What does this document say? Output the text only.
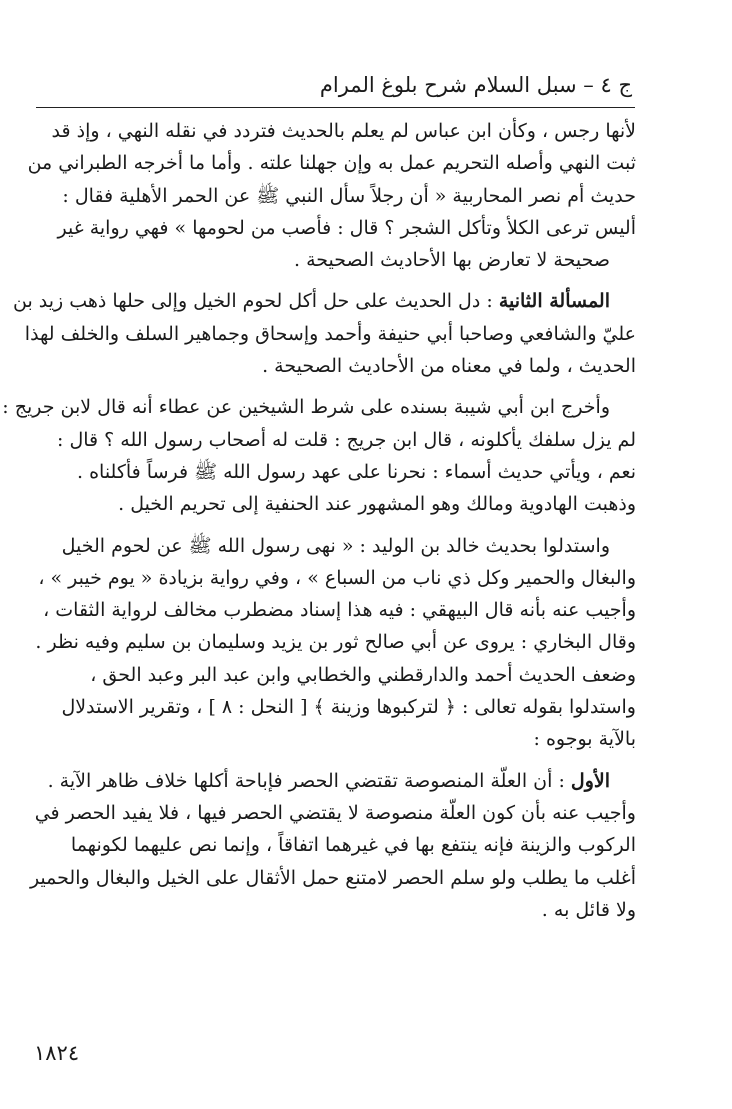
ج ٤ – سبل السلام شرح بلوغ المرام

لأنها رجس ، وكأن ابن عباس لم يعلم بالحديث فتردد في نقله النهي ، وإذ قد
ثبت النهي وأصله التحريم عمل به وإن جهلنا علته . وأما ما أخرجه الطبراني من
حديث أم نصر المحاربية « أن رجلاً سأل النبي ﷺ عن الحمر الأهلية فقال :
أليس ترعى الكلأ وتأكل الشجر ؟ قال : فأصب من لحومها » فهي رواية غير
صحيحة لا تعارض بها الأحاديث الصحيحة .

المسألة الثانية : دل الحديث على حل أكل لحوم الخيل وإلى حلها ذهب زيد بن
عليّ والشافعي وصاحبا أبي حنيفة وأحمد وإسحاق وجماهير السلف والخلف لهذا
الحديث ، ولما في معناه من الأحاديث الصحيحة .

وأخرج ابن أبي شيبة بسنده على شرط الشيخين عن عطاء أنه قال لابن جريج :
لم يزل سلفك يأكلونه ، قال ابن جريج : قلت له أصحاب رسول الله ؟ قال :
نعم ، ويأتي حديث أسماء : نحرنا على عهد رسول الله ﷺ فرساً فأكلناه .
وذهبت الهادوية ومالك وهو المشهور عند الحنفية إلى تحريم الخيل .

واستدلوا بحديث خالد بن الوليد : « نهى رسول الله ﷺ عن لحوم الخيل
والبغال والحمير وكل ذي ناب من السباع » ، وفي رواية بزيادة « يوم خيبر » ،
وأجيب عنه بأنه قال البيهقي : فيه هذا إسناد مضطرب مخالف لرواية الثقات ،
وقال البخاري : يروى عن أبي صالح ثور بن يزيد وسليمان بن سليم وفيه نظر .
وضعف الحديث أحمد والدارقطني والخطابي وابن عبد البر وعبد الحق ،
واستدلوا بقوله تعالى : ﴿ لتركبوها وزينة ﴾ [ النحل : ٨ ] ، وتقرير الاستدلال
بالآية بوجوه :

الأول : أن العلّة المنصوصة تقتضي الحصر فإباحة أكلها خلاف ظاهر الآية .
وأجيب عنه بأن كون العلّة منصوصة لا يقتضي الحصر فيها ، فلا يفيد الحصر في
الركوب والزينة فإنه ينتفع بها في غيرهما اتفاقاً ، وإنما نص عليهما لكونهما
أغلب ما يطلب ولو سلم الحصر لامتنع حمل الأثقال على الخيل والبغال والحمير
ولا قائل به .

١٨٢٤
